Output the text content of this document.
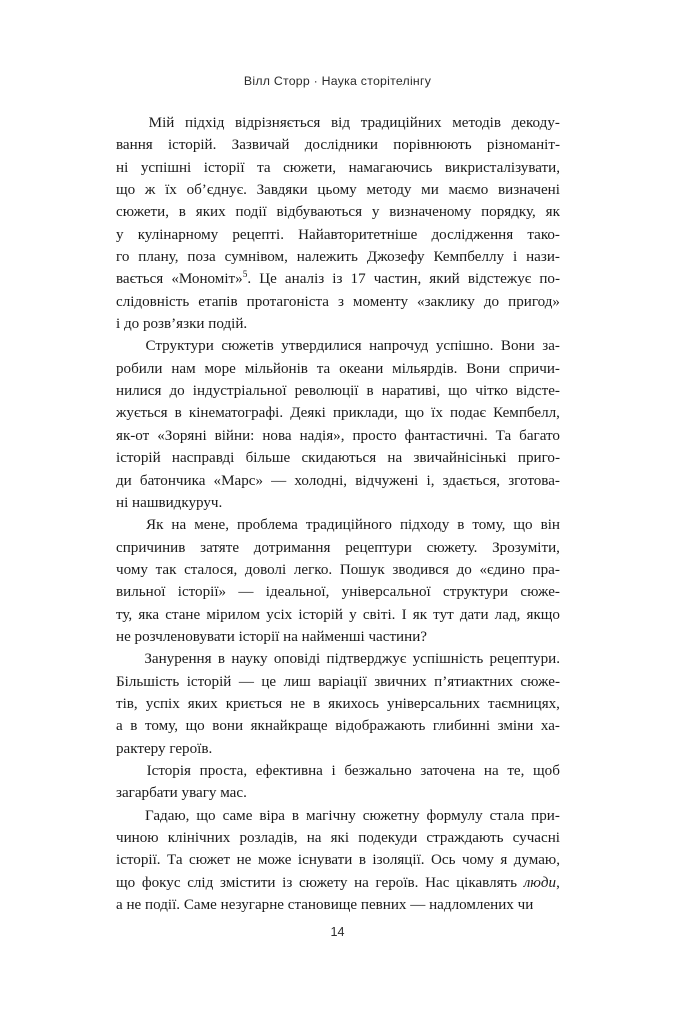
Вілл Сторр · Наука сторітелінгу
Мій підхід відрізняється від традиційних методів декоду-
вання історій. Зазвичай дослідники порівнюють різноманіт-
ні успішні історії та сюжети, намагаючись викристалізувати,
що ж їх об’єднує. Завдяки цьому методу ми маємо визначені
сюжети, в яких події відбуваються у визначеному порядку, як
у кулінарному рецепті. Найавторитетніше дослідження тако-
го плану, поза сумнівом, належить Джозефу Кемпбеллу і нази-
вається «Мономіт»$^5$. Це аналіз із 17 частин, який відстежує по-
слідовність етапів протагоніста з моменту «заклику до пригод»
і до розв’язки подій.
Структури сюжетів утвердилися напрочуд успішно. Вони за-
робили нам море мільйонів та океани мільярдів. Вони спричи-
нилися до індустріальної революції в наративі, що чітко відсте-
жується в кінематографі. Деякі приклади, що їх подає Кемпбелл,
як-от «Зоряні війни: нова надія», просто фантастичні. Та багато
історій насправді більше скидаються на звичайнісінькі приго-
ди батончика «Марс» — холодні, відчужені і, здається, зготова-
ні нашвидкуруч.
Як на мене, проблема традиційного підходу в тому, що він
спричинив затяте дотримання рецептури сюжету. Зрозуміти,
чому так сталося, доволі легко. Пошук зводився до «єдино пра-
вильної історії» — ідеальної, універсальної структури сюже-
ту, яка стане мірилом усіх історій у світі. І як тут дати лад, якщо
не розчленовувати історії на найменші частини?
Занурення в науку оповіді підтверджує успішність рецептури.
Більшість історій — це лиш варіації звичних п’ятиактних сюже-
тів, успіх яких криється не в якихось універсальних таємницях,
а в тому, що вони якнайкраще відображають глибинні зміни ха-
рактеру героїв.
Історія проста, ефективна і безжально заточена на те, щоб
загарбати увагу мас.
Гадаю, що саме віра в магічну сюжетну формулу стала при-
чиною клінічних розладів, на які подекуди страждають сучасні
історії. Та сюжет не може існувати в ізоляції. Ось чому я думаю,
що фокус слід змістити із сюжету на героїв. Нас цікавлять люди,
а не події. Саме незугарне становище певних — надломлених чи
14
